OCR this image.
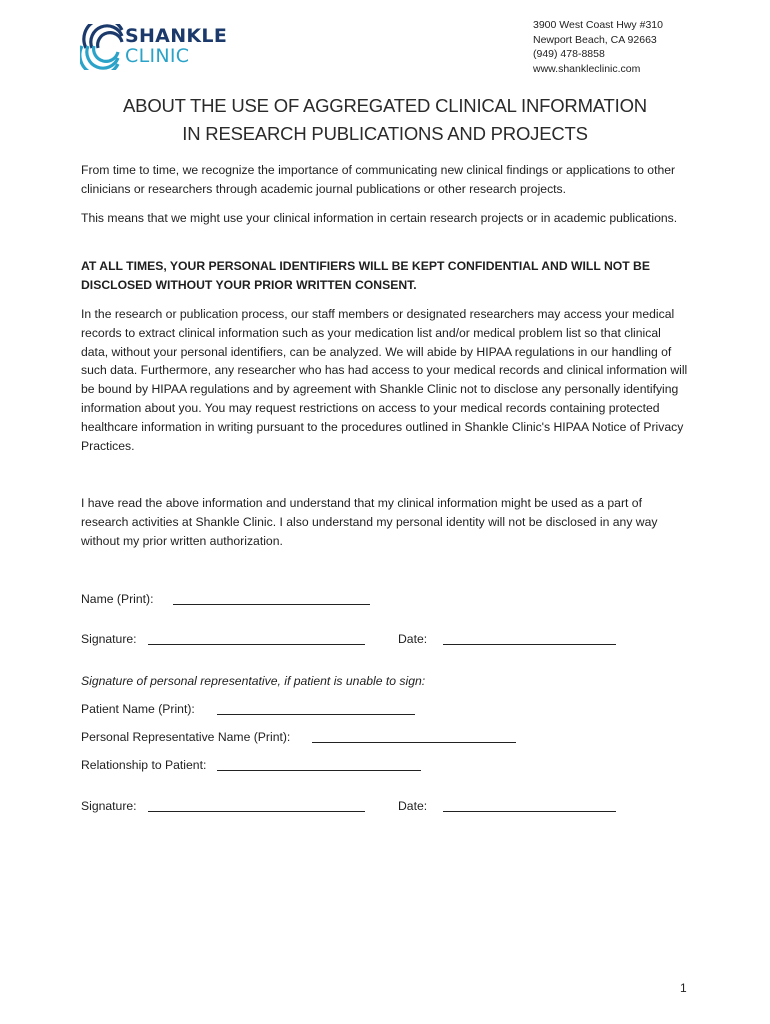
SHANKLE
CLINIC
3900 West Coast Hwy #310
Newport Beach, CA 92663
(949) 478-8858
www.shankleclinic.com
ABOUT THE USE OF AGGREGATED CLINICAL INFORMATION
IN RESEARCH PUBLICATIONS AND PROJECTS
From time to time, we recognize the importance of communicating new clinical findings or applications to other clinicians or researchers through academic journal publications or other research projects.
This means that we might use your clinical information in certain research projects or in academic publications.
AT ALL TIMES, YOUR PERSONAL IDENTIFIERS WILL BE KEPT CONFIDENTIAL AND WILL NOT BE DISCLOSED WITHOUT YOUR PRIOR WRITTEN CONSENT.
In the research or publication process, our staff members or designated researchers may access your medical records to extract clinical information such as your medication list and/or medical problem list so that clinical data, without your personal identifiers, can be analyzed. We will abide by HIPAA regulations in our handling of such data. Furthermore, any researcher who has had access to your medical records and clinical information will be bound by HIPAA regulations and by agreement with Shankle Clinic not to disclose any personally identifying information about you. You may request restrictions on access to your medical records containing protected healthcare information in writing pursuant to the procedures outlined in Shankle Clinic's HIPAA Notice of Privacy Practices.
I have read the above information and understand that my clinical information might be used as a part of research activities at Shankle Clinic. I also understand my personal identity will not be disclosed in any way without my prior written authorization.
Name (Print):
Signature:	Date:
Signature of personal representative, if patient is unable to sign:
Patient Name (Print):
Personal Representative Name (Print):
Relationship to Patient:
Signature:	Date:
1
